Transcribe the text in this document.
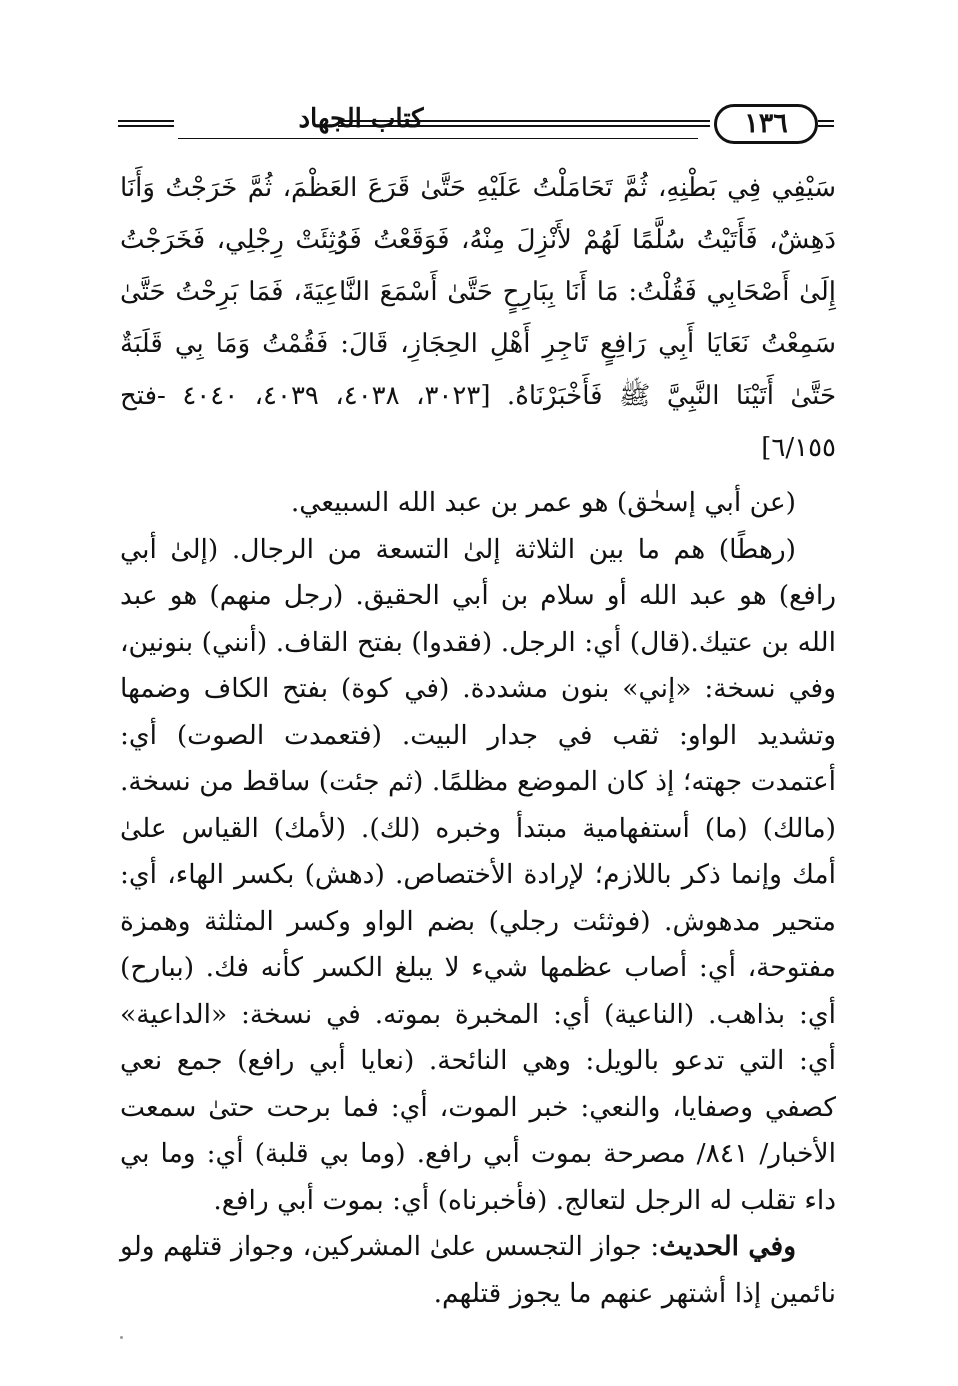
كتاب الجهاد	١٣٦

سَيْفِي فِي بَطْنِهِ، ثُمَّ تَحَامَلْتُ عَلَيْهِ حَتَّىٰ قَرَعَ العَظْمَ، ثُمَّ خَرَجْتُ وَأَنَا دَهِشٌ، فَأَتَيْتُ سُلَّمًا لَهُمْ لأَنْزِلَ مِنْهُ، فَوَقَعْتُ فَوُثِئَتْ رِجْلِي، فَخَرَجْتُ إِلَىٰ أَصْحَابِي فَقُلْتُ: مَا أَنَا بِبَارِحٍ حَتَّىٰ أَسْمَعَ النَّاعِيَةَ، فَمَا بَرِحْتُ حَتَّىٰ سَمِعْتُ نَعَايَا أَبِي رَافِعٍ تَاجِرِ أَهْلِ الحِجَازِ، قَالَ: فَقُمْتُ وَمَا بِي قَلَبَةٌ حَتَّىٰ أَتَيْنَا النَّبِيَّ ﷺ فَأَخْبَرْنَاهُ. [٣٠٢٣، ٤٠٣٨، ٤٠٣٩، ٤٠٤٠ -فتح ٦/١٥٥]

(عن أبي إسحٰق) هو عمر بن عبد الله السبيعي.

(رهطًا) هم ما بين الثلاثة إلىٰ التسعة من الرجال. (إلىٰ أبي رافع) هو عبد الله أو سلام بن أبي الحقيق. (رجل منهم) هو عبد الله بن عتيك.(قال) أي: الرجل. (فقدوا) بفتح القاف. (أنني) بنونين، وفي نسخة: «إني» بنون مشددة. (في كوة) بفتح الكاف وضمها وتشديد الواو: ثقب في جدار البيت. (فتعمدت الصوت) أي: أعتمدت جهته؛ إذ كان الموضع مظلمًا. (ثم جئت) ساقط من نسخة. (مالك) (ما) أستفهامية مبتدأ وخبره (لك). (لأمك) القياس علىٰ أمك وإنما ذكر باللازم؛ لإرادة الأختصاص. (دهش) بكسر الهاء، أي: متحير مدهوش. (فوثئت رجلي) بضم الواو وكسر المثلثة وهمزة مفتوحة، أي: أصاب عظمها شيء لا يبلغ الكسر كأنه فك. (ببارح) أي: بذاهب. (الناعية) أي: المخبرة بموته. في نسخة: «الداعية» أي: التي تدعو بالويل: وهي النائحة. (نعايا أبي رافع) جمع نعي كصفي وصفايا، والنعي: خبر الموت، أي: فما برحت حتىٰ سمعت الأخبار/ ٨٤١/ مصرحة بموت أبي رافع. (وما بي قلبة) أي: وما بي داء تقلب له الرجل لتعالج. (فأخبرناه) أي: بموت أبي رافع.

وفي الحديث: جواز التجسس علىٰ المشركين، وجواز قتلهم ولو نائمين إذا أشتهر عنهم ما يجوز قتلهم.
